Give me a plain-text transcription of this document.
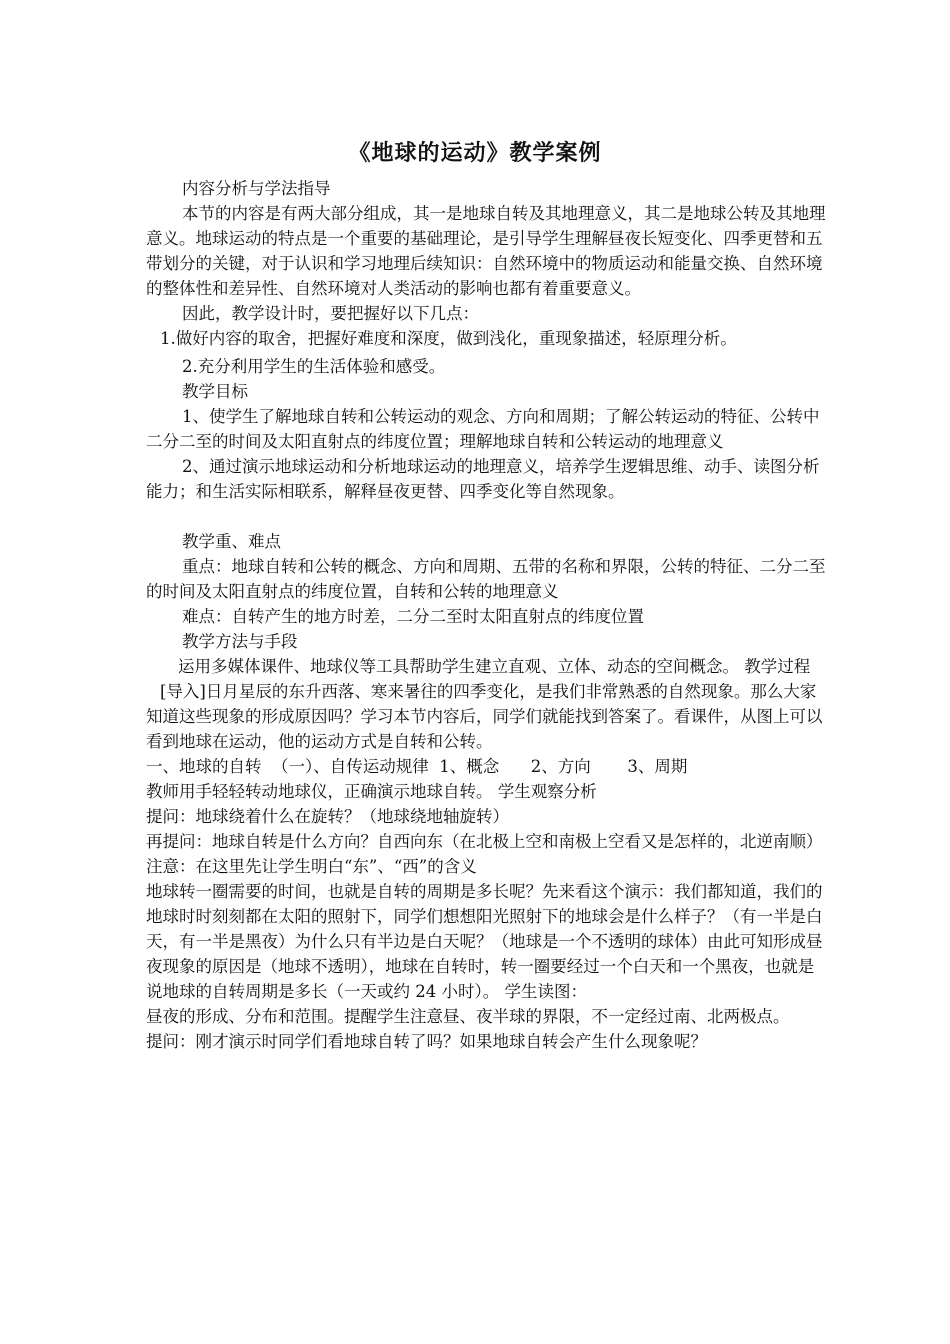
《地球的运动》教学案例

内容分析与学法指导

本节的内容是有两大部分组成，其一是地球自转及其地理意义，其二是地球公转及其地理意义。地球运动的特点是一个重要的基础理论，是引导学生理解昼夜长短变化、四季更替和五带划分的关键，对于认识和学习地理后续知识：自然环境中的物质运动和能量交换、自然环境的整体性和差异性、自然环境对人类活动的影响也都有着重要意义。

因此，教学设计时，要把握好以下几点：

1.做好内容的取舍，把握好难度和深度，做到浅化，重现象描述，轻原理分析。

2.充分利用学生的生活体验和感受。

教学目标

1、使学生了解地球自转和公转运动的观念、方向和周期；了解公转运动的特征、公转中二分二至的时间及太阳直射点的纬度位置；理解地球自转和公转运动的地理意义

2、通过演示地球运动和分析地球运动的地理意义，培养学生逻辑思维、动手、读图分析能力；和生活实际相联系，解释昼夜更替、四季变化等自然现象。

教学重、难点

重点：地球自转和公转的概念、方向和周期、五带的名称和界限，公转的特征、二分二至的时间及太阳直射点的纬度位置，自转和公转的地理意义

难点：自转产生的地方时差，二分二至时太阳直射点的纬度位置

教学方法与手段

运用多媒体课件、地球仪等工具帮助学生建立直观、立体、动态的空间概念。 教学过程

[导入]日月星辰的东升西落、寒来暑往的四季变化，是我们非常熟悉的自然现象。那么大家知道这些现象的形成原因吗？学习本节内容后，同学们就能找到答案了。看课件，从图上可以看到地球在运动，他的运动方式是自转和公转。

一、地球的自转  （一）、自传运动规律  1、概念      2、方向       3、周期

教师用手轻轻转动地球仪，正确演示地球自转。 学生观察分析

提问：地球绕着什么在旋转？（地球绕地轴旋转）

再提问：地球自转是什么方向？自西向东（在北极上空和南极上空看又是怎样的，北逆南顺）

注意：在这里先让学生明白“东”、“西”的含义

地球转一圈需要的时间，也就是自转的周期是多长呢？先来看这个演示：我们都知道，我们的地球时时刻刻都在太阳的照射下，同学们想想阳光照射下的地球会是什么样子？（有一半是白天，有一半是黑夜）为什么只有半边是白天呢？（地球是一个不透明的球体）由此可知形成昼夜现象的原因是（地球不透明），地球在自转时，转一圈要经过一个白天和一个黑夜，也就是说地球的自转周期是多长（一天或约 24 小时）。 学生读图：

昼夜的形成、分布和范围。提醒学生注意昼、夜半球的界限，不一定经过南、北两极点。

提问：刚才演示时同学们看地球自转了吗？如果地球自转会产生什么现象呢？
